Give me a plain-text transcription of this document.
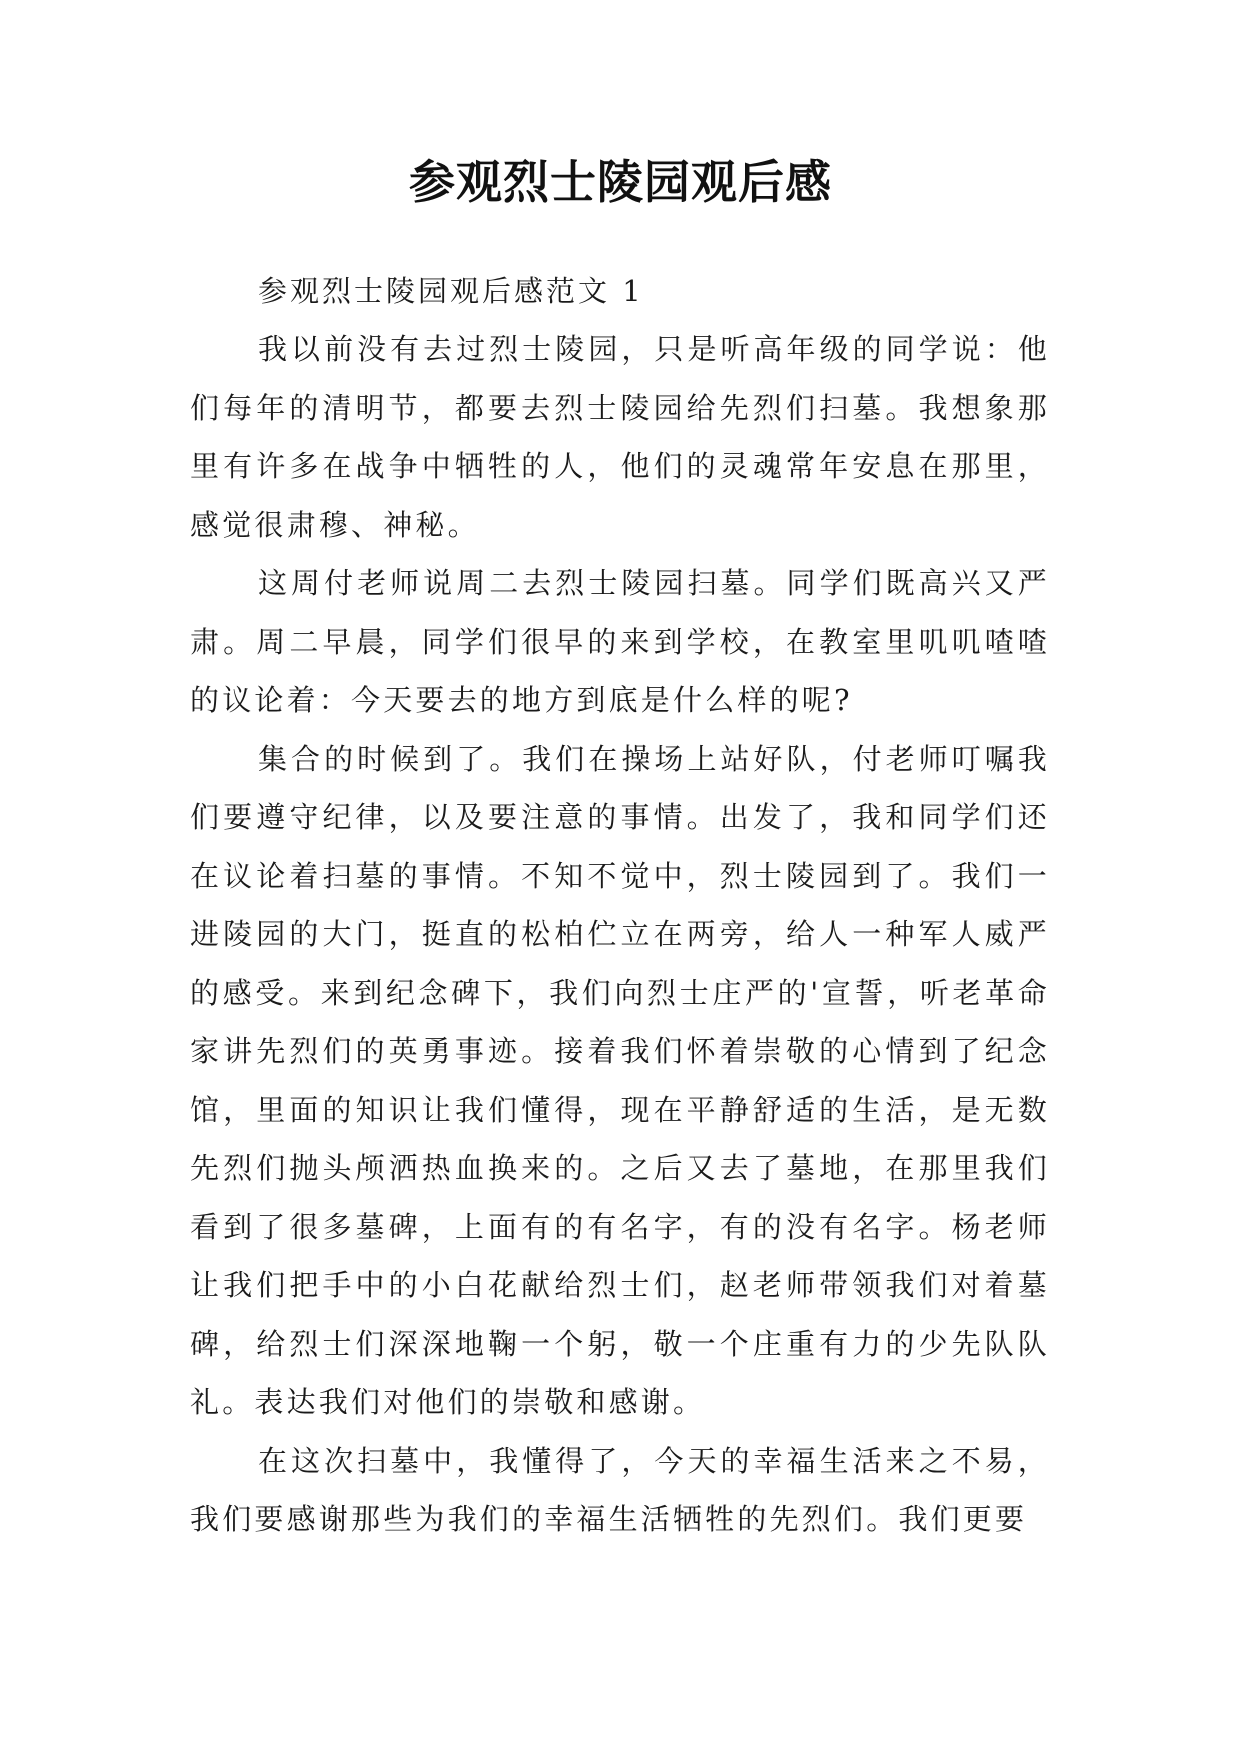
参观烈士陵园观后感

参观烈士陵园观后感范文 1

我以前没有去过烈士陵园，只是听高年级的同学说：他们每年的清明节，都要去烈士陵园给先烈们扫墓。我想象那里有许多在战争中牺牲的人，他们的灵魂常年安息在那里，感觉很肃穆、神秘。

这周付老师说周二去烈士陵园扫墓。同学们既高兴又严肃。周二早晨，同学们很早的来到学校，在教室里叽叽喳喳的议论着：今天要去的地方到底是什么样的呢?

集合的时候到了。我们在操场上站好队，付老师叮嘱我们要遵守纪律，以及要注意的事情。出发了，我和同学们还在议论着扫墓的事情。不知不觉中，烈士陵园到了。我们一进陵园的大门，挺直的松柏伫立在两旁，给人一种军人威严的感受。来到纪念碑下，我们向烈士庄严的'宣誓，听老革命家讲先烈们的英勇事迹。接着我们怀着崇敬的心情到了纪念馆，里面的知识让我们懂得，现在平静舒适的生活，是无数先烈们抛头颅洒热血换来的。之后又去了墓地，在那里我们看到了很多墓碑，上面有的有名字，有的没有名字。杨老师让我们把手中的小白花献给烈士们，赵老师带领我们对着墓碑，给烈士们深深地鞠一个躬，敬一个庄重有力的少先队队礼。表达我们对他们的崇敬和感谢。

在这次扫墓中，我懂得了，今天的幸福生活来之不易，我们要感谢那些为我们的幸福生活牺牲的先烈们。我们更要
